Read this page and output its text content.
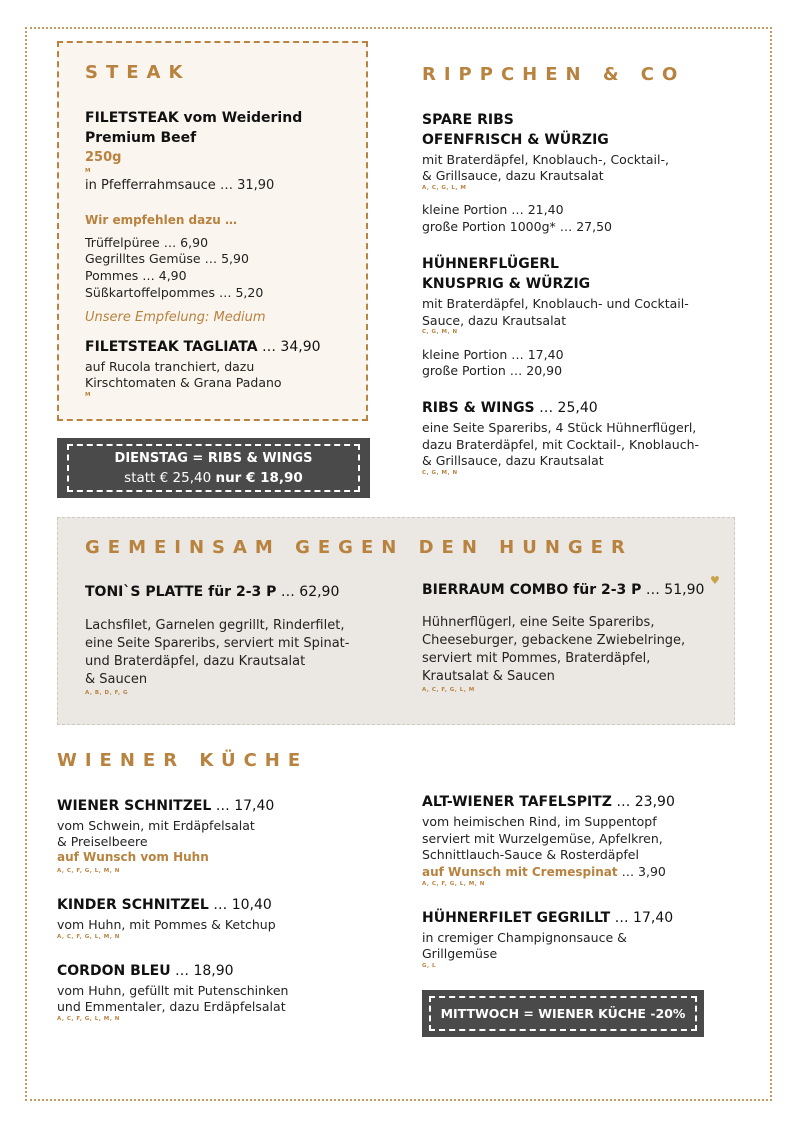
STEAK
FILETSTEAK vom Weiderind
Premium Beef
250g
M
in Pfefferrahmsauce … 31,90
Wir empfehlen dazu …
Trüffelpüree … 6,90
Gegrilltes Gemüse … 5,90
Pommes … 4,90
Süßkartoffelpommes … 5,20
Unsere Empfelung: Medium
FILETSTEAK TAGLIATA … 34,90
auf Rucola tranchiert, dazu
Kirschtomaten & Grana Padano
M
DIENSTAG = RIBS & WINGS
statt € 25,40 nur € 18,90
RIPPCHEN & CO
SPARE RIBS
OFENFRISCH & WÜRZIG
mit Braterdäpfel, Knoblauch-, Cocktail-,
& Grillsauce, dazu Krautsalat
A, C, G, L, M
kleine Portion … 21,40
große Portion 1000g* … 27,50
HÜHNERFLÜGERL
KNUSPRIG & WÜRZIG
mit Braterdäpfel, Knoblauch- und Cocktail-
Sauce, dazu Krautsalat
C, G, M, N
kleine Portion … 17,40
große Portion … 20,90
RIBS & WINGS … 25,40
eine Seite Spareribs, 4 Stück Hühnerflügerl,
dazu Braterdäpfel, mit Cocktail-, Knoblauch-
& Grillsauce, dazu Krautsalat
C, G, M, N
GEMEINSAM GEGEN DEN HUNGER
TONI`S PLATTE für 2-3 P … 62,90
Lachsfilet, Garnelen gegrillt, Rinderfilet,
eine Seite Spareribs, serviert mit Spinat-
und Braterdäpfel, dazu Krautsalat
& Saucen
A, B, D, F, G
BIERRAUM COMBO für 2-3 P … 51,90
♥
Hühnerflügerl, eine Seite Spareribs,
Cheeseburger, gebackene Zwiebelringe,
serviert mit Pommes, Braterdäpfel,
Krautsalat & Saucen
A, C, F, G, L, M
WIENER KÜCHE
WIENER SCHNITZEL … 17,40
vom Schwein, mit Erdäpfelsalat
& Preiselbeere
auf Wunsch vom Huhn
A, C, F, G, L, M, N
KINDER SCHNITZEL … 10,40
vom Huhn, mit Pommes & Ketchup
A, C, F, G, L, M, N
CORDON BLEU … 18,90
vom Huhn, gefüllt mit Putenschinken
und Emmentaler, dazu Erdäpfelsalat
A, C, F, G, L, M, N
ALT-WIENER TAFELSPITZ … 23,90
vom heimischen Rind, im Suppentopf
serviert mit Wurzelgemüse, Apfelkren,
Schnittlauch-Sauce & Rosterdäpfel
auf Wunsch mit Cremespinat … 3,90
A, C, F, G, L, M, N
HÜHNERFILET GEGRILLT … 17,40
in cremiger Champignonsauce &
Grillgemüse
G, L
MITTWOCH = WIENER KÜCHE -20%
